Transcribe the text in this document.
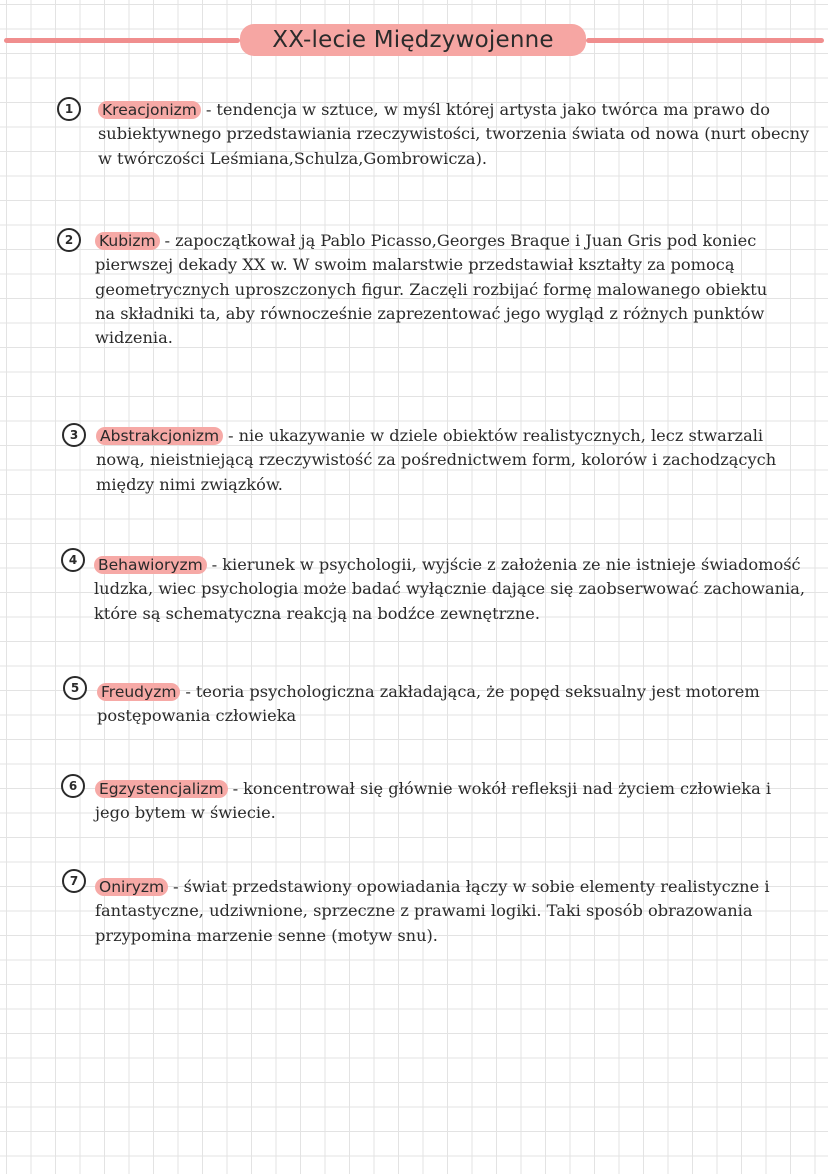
XX-lecie Międzywojenne
1	Kreacjonizm - tendencja w sztuce, w myśl której artysta jako twórca ma prawo do subiektywnego przedstawiania rzeczywistości, tworzenia świata od nowa (nurt obecny w twórczości Leśmiana,Schulza,Gombrowicza).
2	Kubizm - zapoczątkował ją Pablo Picasso,Georges Braque i Juan Gris pod koniec pierwszej dekady XX w. W swoim malarstwie przedstawiał kształty za pomocą geometrycznych uproszczonych figur. Zaczęli rozbijać formę malowanego obiektu na składniki ta, aby równocześnie zaprezentować jego wygląd z różnych punktów widzenia.
3	Abstrakcjonizm - nie ukazywanie w dziele obiektów realistycznych, lecz stwarzali nową, nieistniejącą rzeczywistość za pośrednictwem form, kolorów i zachodzących między nimi związków.
4	Behawioryzm - kierunek w psychologii, wyjście z założenia ze nie istnieje świadomość ludzka, wiec psychologia może badać wyłącznie dające się zaobserwować zachowania, które są schematyczna reakcją na bodźce zewnętrzne.
5	Freudyzm - teoria psychologiczna zakładająca, że popęd seksualny jest motorem postępowania człowieka
6	Egzystencjalizm - koncentrował się głównie wokół refleksji nad życiem człowieka i jego bytem w świecie.
7	Oniryzm - świat przedstawiony opowiadania łączy w sobie elementy realistyczne i fantastyczne, udziwnione, sprzeczne z prawami logiki. Taki sposób obrazowania przypomina marzenie senne (motyw snu).
